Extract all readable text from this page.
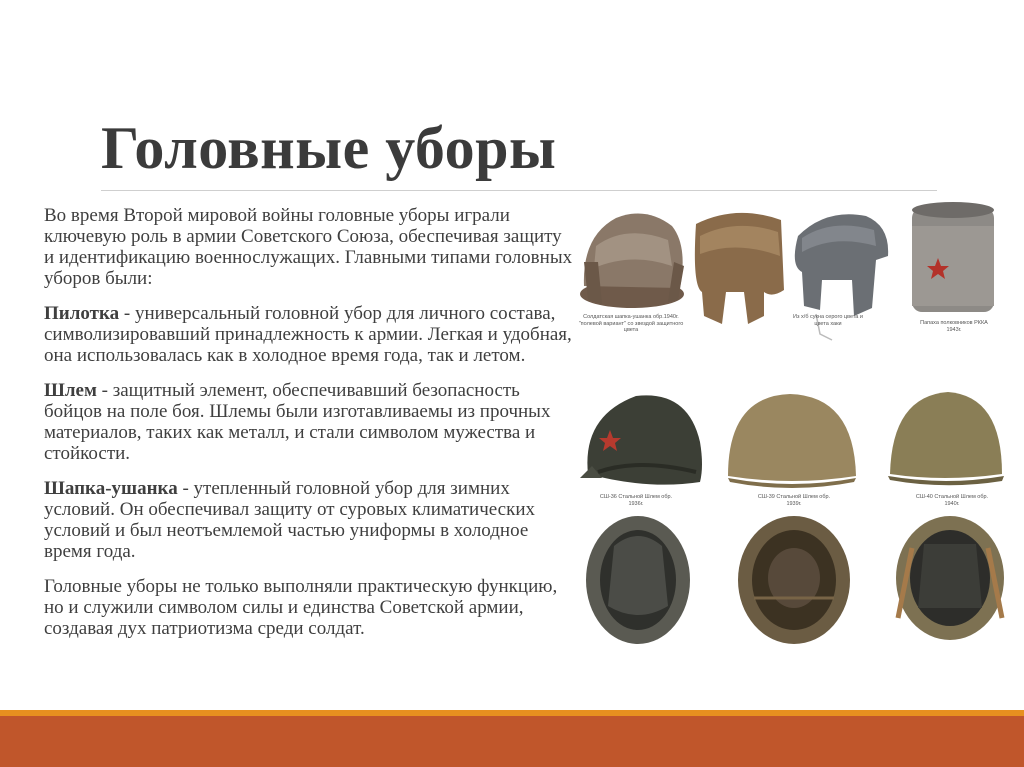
Головные уборы

Во время Второй мировой войны головные уборы играли ключевую роль в армии Советского Союза, обеспечивая защиту и идентификацию военнослужащих. Главными типами головных уборов были:

Пилотка - универсальный головной убор для личного состава, символизировавший принадлежность к армии. Легкая и удобная, она использовалась как в холодное время года, так и летом.

Шлем - защитный элемент, обеспечивавший безопасность бойцов на поле боя. Шлемы были изготавливаемы из прочных материалов, таких как металл, и стали символом мужества и стойкости.

Шапка-ушанка - утепленный головной убор для зимних условий. Он обеспечивал защиту от суровых климатических условий и был неотъемлемой частью униформы в холодное время года.

Головные уборы не только выполняли практическую функцию, но и служили символом силы и единства Советской армии, создавая дух патриотизма среди солдат.

Солдатская шапка-ушанка обр.1940г. "полевой вариант" со звездой защитного цвета
Из х/б сукна серого цвета и цвета хаки	Папаха полковников РККА 1943г.
СШ-36 Стальной Шлем обр. 1936г.
СШ-39 Стальной Шлем обр. 1939г.
СШ-40 Стальной Шлем обр. 1940г.
